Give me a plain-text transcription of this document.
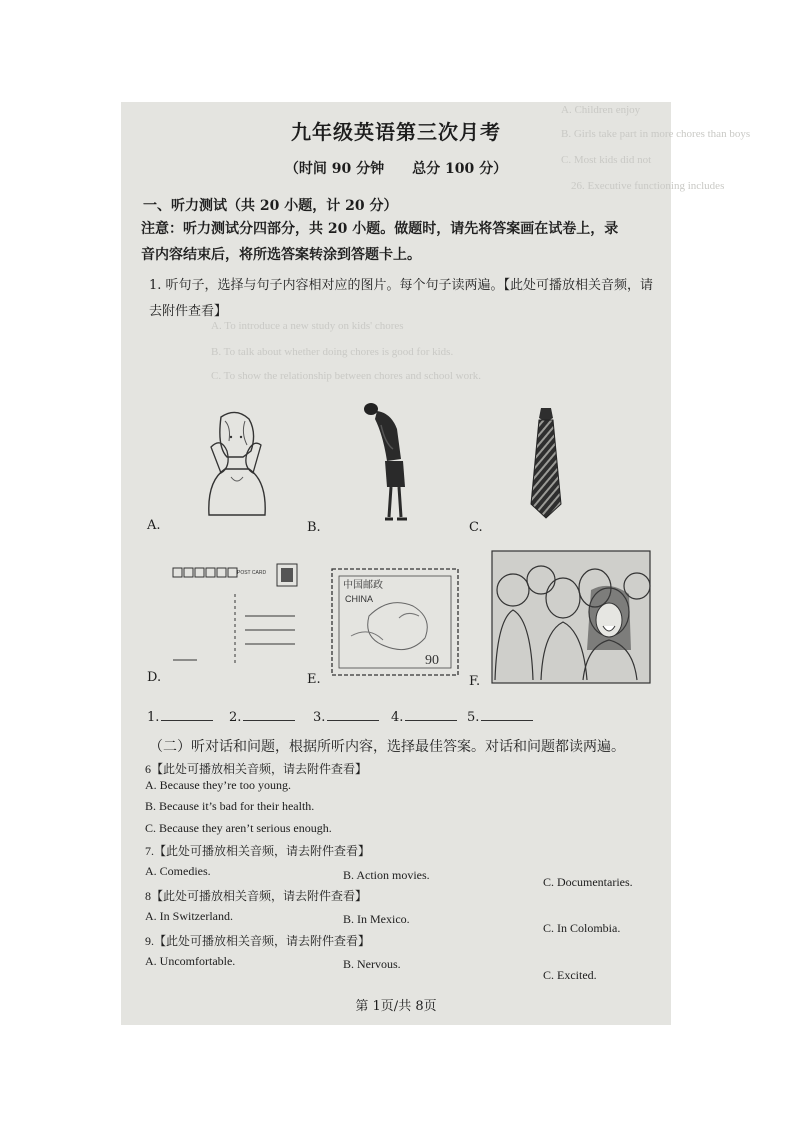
A. Children enjoy
B. Girls take part in more chores than boys
C. Most kids did not
26. Executive functioning includes
A. To introduce a new study on kids' chores
B. To talk about whether doing chores is good for kids.
C. To show the relationship between chores and school work.
九年级英语第三次月考
（时间 90 分钟　　总分 100 分）
一、听力测试（共 20 小题，计 20 分）
注意：听力测试分四部分，共 20 小题。做题时，请先将答案画在试卷上，录
音内容结束后，将所选答案转涂到答题卡上。
1. 听句子，选择与句子内容相对应的图片。每个句子读两遍。【此处可播放相关音频，请
去附件查看】
A.	B.	C.
POST CARD
D.
中国邮政
CHINA
90
E.	F.
1.	2.	3.	4.	5.
（二）听对话和问题，根据所听内容，选择最佳答案。对话和问题都读两遍。
6【此处可播放相关音频，请去附件查看】
A. Because they’re too young.
B. Because it’s bad for their health.
C. Because they aren’t serious enough.
7.【此处可播放相关音频，请去附件查看】
A. Comedies.	B. Action movies.	C. Documentaries.
8【此处可播放相关音频，请去附件查看】
A. In Switzerland.	B. In Mexico.
C. In Colombia.
9.【此处可播放相关音频，请去附件查看】
A. Uncomfortable.	B. Nervous.
C. Excited.
第 1页/共 8页
